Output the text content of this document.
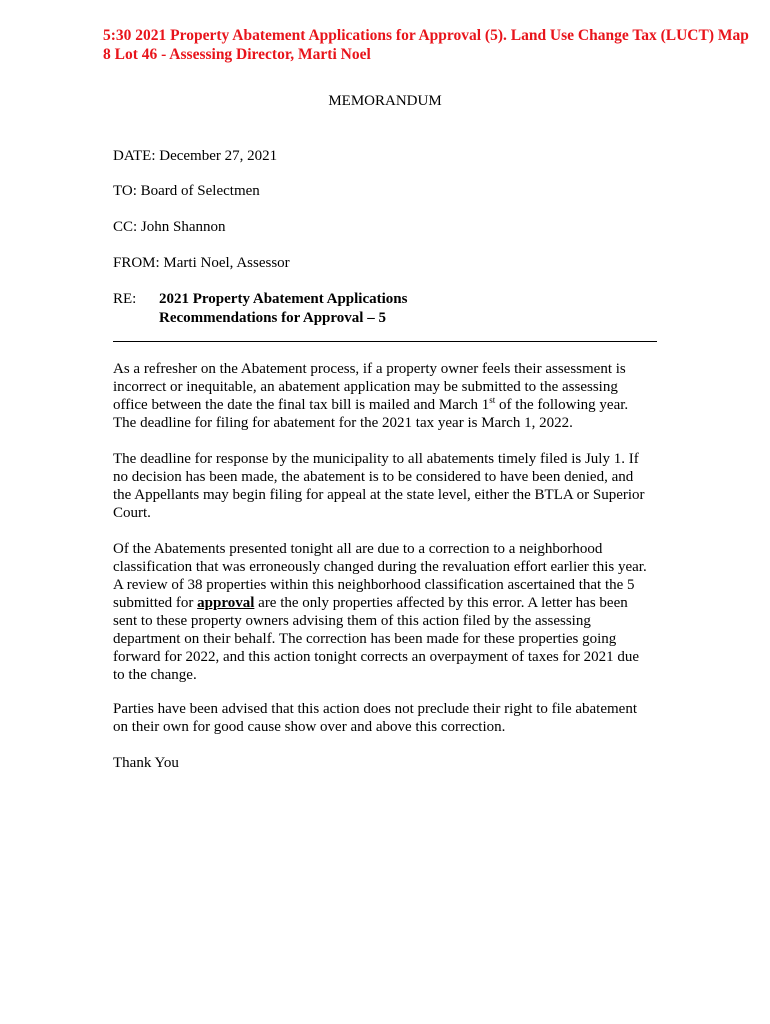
5:30 2021 Property Abatement Applications for Approval (5). Land Use Change Tax (LUCT) Map
8 Lot 46 - Assessing Director, Marti Noel
MEMORANDUM
DATE: December 27, 2021
TO: Board of Selectmen
CC: John Shannon
FROM: Marti Noel, Assessor
RE: 2021 Property Abatement Applications
Recommendations for Approval – 5
As a refresher on the Abatement process, if a property owner feels their assessment is
incorrect or inequitable, an abatement application may be submitted to the assessing
office between the date the final tax bill is mailed and March 1st of the following year.
The deadline for filing for abatement for the 2021 tax year is March 1, 2022.
The deadline for response by the municipality to all abatements timely filed is July 1. If
no decision has been made, the abatement is to be considered to have been denied, and
the Appellants may begin filing for appeal at the state level, either the BTLA or Superior
Court.
Of the Abatements presented tonight all are due to a correction to a neighborhood
classification that was erroneously changed during the revaluation effort earlier this year.
A review of 38 properties within this neighborhood classification ascertained that the 5
submitted for approval are the only properties affected by this error. A letter has been
sent to these property owners advising them of this action filed by the assessing
department on their behalf. The correction has been made for these properties going
forward for 2022, and this action tonight corrects an overpayment of taxes for 2021 due
to the change.
Parties have been advised that this action does not preclude their right to file abatement
on their own for good cause show over and above this correction.
Thank You
